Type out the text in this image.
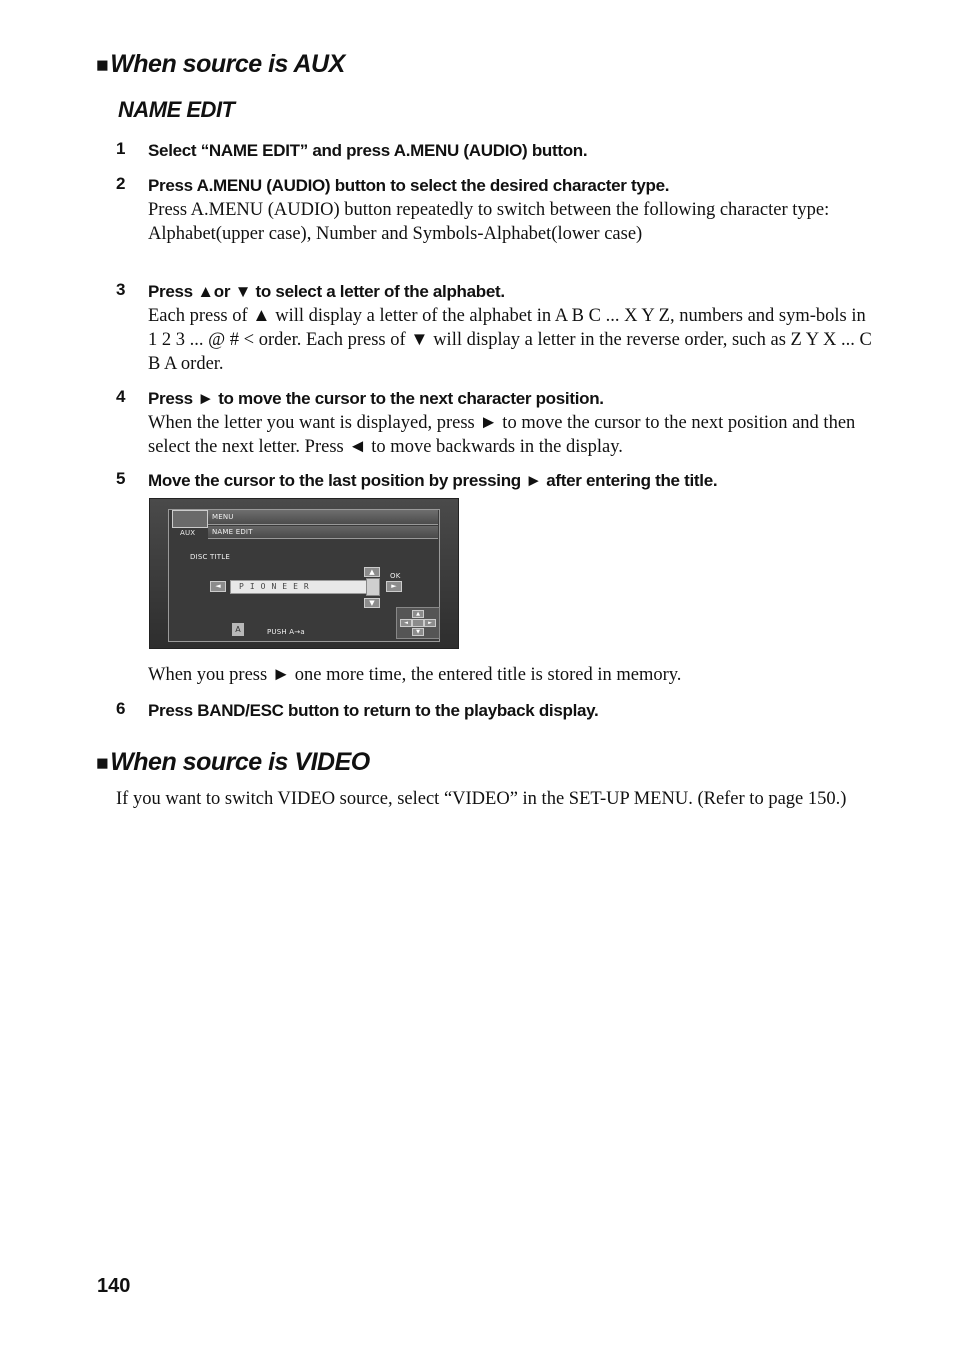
■When source is AUX
NAME EDIT
1 Select “NAME EDIT” and press A.MENU (AUDIO) button.
2 Press A.MENU (AUDIO) button to select the desired character type.
Press A.MENU (AUDIO) button repeatedly to switch between the following character type:
Alphabet(upper case), Number and Symbols-Alphabet(lower case)
3 Press ▲or ▼ to select a letter of the alphabet.
Each press of ▲ will display a letter of the alphabet in A B C ... X Y Z, numbers and sym-bols in 1 2 3 ... @ # < order. Each press of ▼ will display a letter in the reverse order, such as Z Y X ... C B A order.
4 Press ► to move the cursor to the next character position.
When the letter you want is displayed, press ► to move the cursor to the next position and then select the next letter. Press ◄ to move backwards in the display.
5 Move the cursor to the last position by pressing ► after entering the title.
MENU
AUX NAME EDIT
DISC TITLE
◄	PIONEER
▲
▼
OK
►
A	PUSH A→a
▲
◄	►
▼
When you press ► one more time, the entered title is stored in memory.
6 Press BAND/ESC button to return to the playback display.
■When source is VIDEO
If you want to switch VIDEO source, select “VIDEO” in the SET-UP MENU. (Refer to page 150.)
140
